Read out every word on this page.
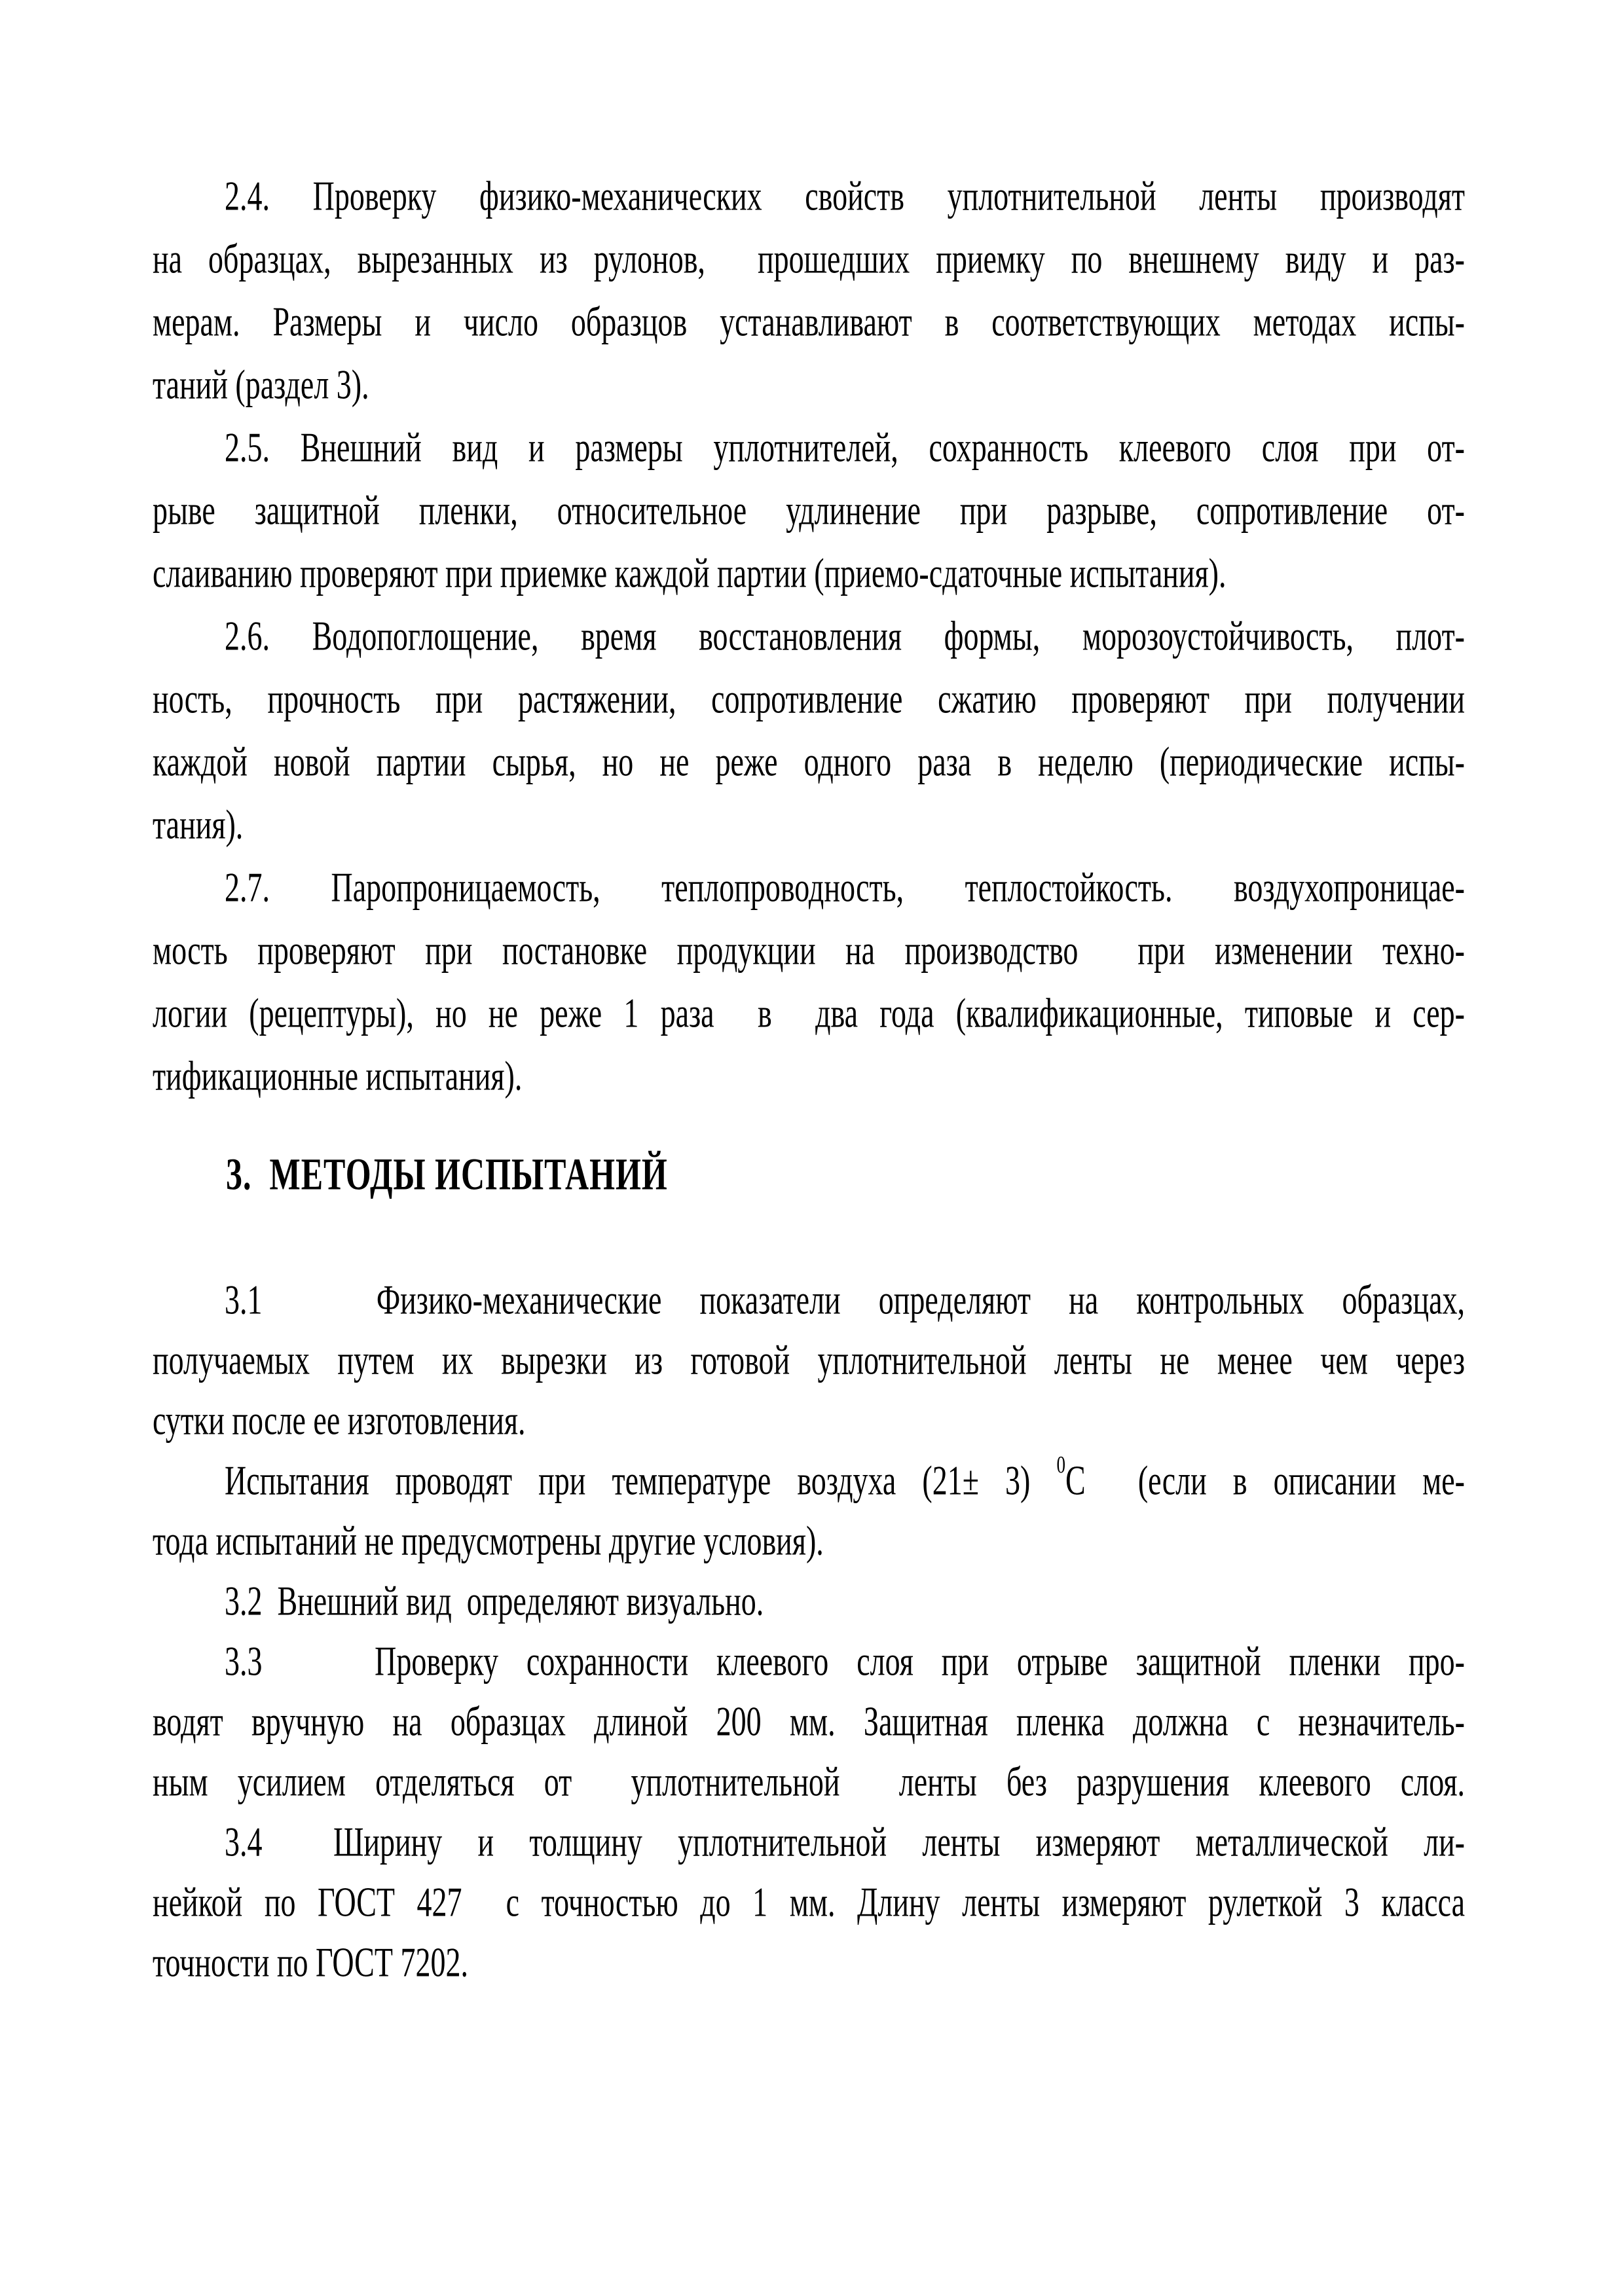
2.4. Проверку физико-механических свойств уплотнительной ленты производят
на образцах, вырезанных из рулонов,  прошедших приемку по внешнему виду и раз-
мерам. Размеры и число образцов устанавливают в соответствующих методах испы-
таний (раздел 3).
2.5. Внешний вид и размеры уплотнителей, сохранность клеевого слоя при от-
рыве защитной пленки, относительное удлинение при разрыве, сопротивление от-
слаиванию проверяют при приемке каждой партии (приемо-сдаточные испытания).
2.6. Водопоглощение, время восстановления формы, морозоустойчивость, плот-
ность, прочность при растяжении, сопротивление сжатию проверяют при получении
каждой новой партии сырья, но не реже одного раза в неделю (периодические испы-
тания).
2.7. Паропроницаемость, теплопроводность, теплостойкость. воздухопроницае-
мость проверяют при постановке продукции на производство  при изменении техно-
логии (рецептуры), но не реже 1 раза  в  два года (квалификационные, типовые и сер-
тификационные испытания).
3.  МЕТОДЫ ИСПЫТАНИЙ
3.1   Физико-механические показатели определяют на контрольных образцах,
получаемых путем их вырезки из готовой уплотнительной ленты не менее чем через
сутки после ее изготовления.
Испытания проводят при температуре воздуха (21± 3) $^0$С  (если в описании ме-
тода испытаний не предусмотрены другие условия).
3.2  Внешний вид  определяют визуально.
3.3    Проверку сохранности клеевого слоя при отрыве защитной пленки про-
водят вручную на образцах длиной 200 мм. Защитная пленка должна с незначитель-
ным усилием отделяться от  уплотнительной  ленты без разрушения клеевого слоя.
3.4  Ширину и толщину уплотнительной ленты измеряют металлической ли-
нейкой по ГОСТ 427  с точностью до 1 мм. Длину ленты измеряют рулеткой 3 класса
точности по ГОСТ 7202.
